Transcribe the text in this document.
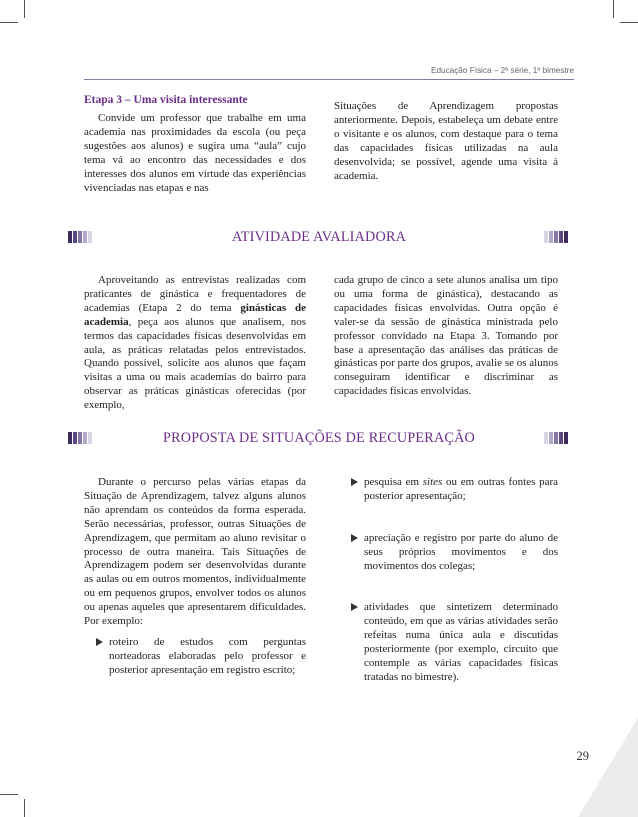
Educação Física – 2ª série, 1º bimestre
Etapa 3 – Uma visita interessante

Convide um professor que trabalhe em uma academia nas proximidades da escola (ou peça sugestões aos alunos) e sugira uma “aula” cujo tema vá ao encontro das necessidades e dos interesses dos alunos em virtude das experiências vivenciadas nas etapas e nas

Situações de Aprendizagem propostas anteriormente. Depois, estabeleça um debate entre o visitante e os alunos, com destaque para o tema das capacidades físicas utilizadas na aula desenvolvida; se possível, agende uma visita à academia.

ATIVIDADE AVALIADORA

Aproveitando as entrevistas realizadas com praticantes de ginástica e frequentadores de academias (Etapa 2 do tema ginásticas de academia, peça aos alunos que analisem, nos termos das capacidades físicas desenvolvidas em aula, as práticas relatadas pelos entrevistados. Quando possível, solicite aos alunos que façam visitas a uma ou mais academias do bairro para observar as práticas ginásticas oferecidas (por exemplo,

cada grupo de cinco a sete alunos analisa um tipo ou uma forma de ginástica), destacando as capacidades físicas envolvidas. Outra opção é valer-se da sessão de ginástica ministrada pelo professor convidado na Etapa 3. Tomando por base a apresentação das análises das práticas de ginásticas por parte dos grupos, avalie se os alunos conseguiram identificar e discriminar as capacidades físicas envolvidas.

PROPOSTA DE SITUAÇÕES DE RECUPERAÇÃO

Durante o percurso pelas várias etapas da Situação de Aprendizagem, talvez alguns alunos não aprendam os conteúdos da forma esperada. Serão necessárias, professor, outras Situações de Aprendizagem, que permitam ao aluno revisitar o processo de outra maneira. Tais Situações de Aprendizagem podem ser desenvolvidas durante as aulas ou em outros momentos, individualmente ou em pequenos grupos, envolver todos os alunos ou apenas aqueles que apresentarem dificuldades. Por exemplo:

roteiro de estudos com perguntas norteadoras elaboradas pelo professor e posterior apresentação em registro escrito;
pesquisa em sites ou em outras fontes para posterior apresentação;
apreciação e registro por parte do aluno de seus próprios movimentos e dos movimentos dos colegas;
atividades que sintetizem determinado conteúdo, em que as várias atividades serão refeitas numa única aula e discutidas posteriormente (por exemplo, circuito que contemple as várias capacidades físicas tratadas no bimestre).
29
